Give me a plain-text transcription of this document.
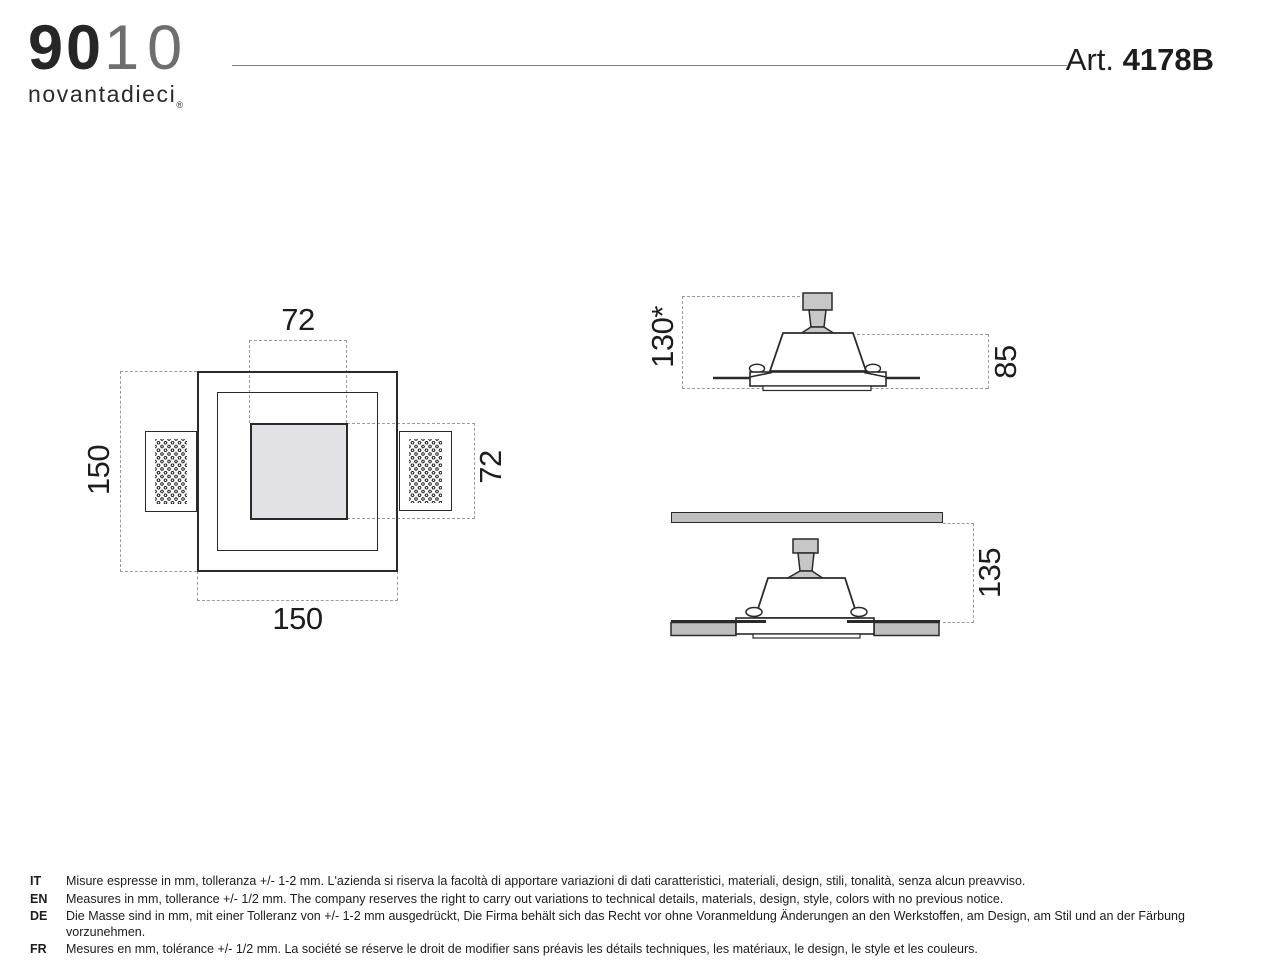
9010
novantadieci®
Art. 4178B
72
150	72
150
130*	85
135
IT	Misure espresse in mm, tolleranza +/- 1-2 mm. L'azienda si riserva la facoltà di apportare variazioni di dati caratteristici, materiali, design, stili, tonalità, senza alcun preavviso.
EN	Measures in mm, tollerance +/- 1/2 mm. The company reserves the right to carry out variations to technical details, materials, design, style, colors with no previous notice.
DE	Die Masse sind in mm, mit einer Tolleranz von +/- 1-2 mm ausgedrückt, Die Firma behält sich das Recht vor ohne Voranmeldung Änderungen an den Werkstoffen, am Design, am Stil und an der Färbung vorzunehmen.
FR	Mesures en mm, tolérance +/- 1/2 mm. La société se réserve le droit de modifier sans préavis les détails techniques, les matériaux, le design, le style et les couleurs.
